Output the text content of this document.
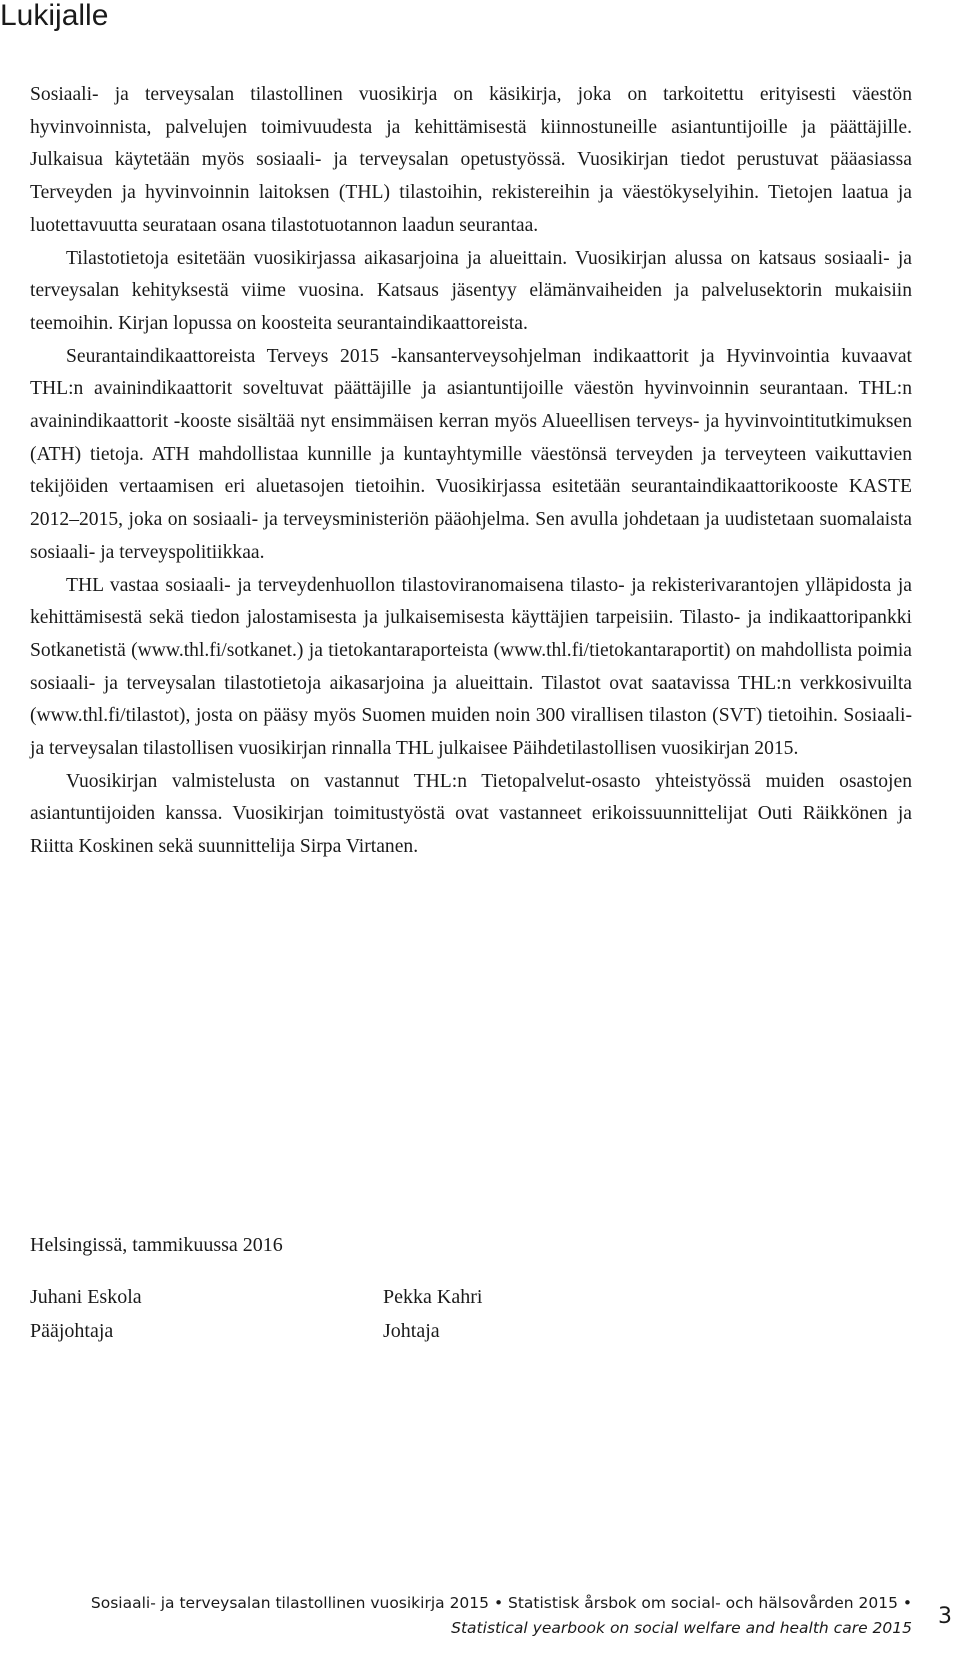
Lukijalle

Sosiaali- ja terveysalan tilastollinen vuosikirja on käsikirja, joka on tarkoitettu erityisesti väestön hyvinvoinnista, palvelujen toimivuudesta ja kehittämisestä kiinnostuneille asiantuntijoille ja päättäjille. Julkaisua käytetään myös sosiaali- ja terveysalan opetustyössä. Vuosikirjan tiedot perustuvat pääasiassa Terveyden ja hyvinvoinnin laitoksen (THL) tilastoihin, rekistereihin ja väestökyselyihin. Tietojen laatua ja luotettavuutta seurataan osana tilastotuotannon laadun seurantaa.

Tilastotietoja esitetään vuosikirjassa aikasarjoina ja alueittain. Vuosikirjan alussa on katsaus sosiaali- ja terveysalan kehityksestä viime vuosina. Katsaus jäsentyy elämänvaiheiden ja palvelusektorin mukaisiin teemoihin. Kirjan lopussa on koosteita seurantaindikaattoreista.

Seurantaindikaattoreista Terveys 2015 -kansanterveysohjelman indikaattorit ja Hyvinvointia kuvaavat THL:n avainindikaattorit soveltuvat päättäjille ja asiantuntijoille väestön hyvinvoinnin seurantaan. THL:n avainindikaattorit -kooste sisältää nyt ensimmäisen kerran myös Alueellisen terveys- ja hyvinvointitutkimuksen (ATH) tietoja. ATH mahdollistaa kunnille ja kuntayhtymille väestönsä terveyden ja terveyteen vaikuttavien tekijöiden vertaamisen eri aluetasojen tietoihin. Vuosikirjassa esitetään seurantaindikaattorikooste KASTE 2012–2015, joka on sosiaali- ja terveysministeriön pääohjelma. Sen avulla johdetaan ja uudistetaan suomalaista sosiaali- ja terveyspolitiikkaa.

THL vastaa sosiaali- ja terveydenhuollon tilastoviranomaisena tilasto- ja rekisterivarantojen ylläpidosta ja kehittämisestä sekä tiedon jalostamisesta ja julkaisemisesta käyttäjien tarpeisiin. Tilasto- ja indikaattoripankki Sotkanetistä (www.thl.fi/sotkanet.) ja tietokantaraporteista (www.thl.fi/tietokantaraportit) on mahdollista poimia sosiaali- ja terveysalan tilastotietoja aikasarjoina ja alueittain. Tilastot ovat saatavissa THL:n verkkosivuilta (www.thl.fi/tilastot), josta on pääsy myös Suomen muiden noin 300 virallisen tilaston (SVT) tietoihin. Sosiaali- ja terveysalan tilastollisen vuosikirjan rinnalla THL julkaisee Päihdetilastollisen vuosikirjan 2015.

Vuosikirjan valmistelusta on vastannut THL:n Tietopalvelut-osasto yhteistyössä muiden osastojen asiantuntijoiden kanssa. Vuosikirjan toimitustyöstä ovat vastanneet erikoissuunnittelijat Outi Räikkönen ja Riitta Koskinen sekä suunnittelija Sirpa Virtanen.

Helsingissä, tammikuussa 2016

Juhani Eskola
Pääjohtaja
Pekka Kahri
Johtaja
Sosiaali- ja terveysalan tilastollinen vuosikirja 2015 • Statistisk årsbok om social- och hälsovården 2015 •
Statistical yearbook on social welfare and health care 2015 3
